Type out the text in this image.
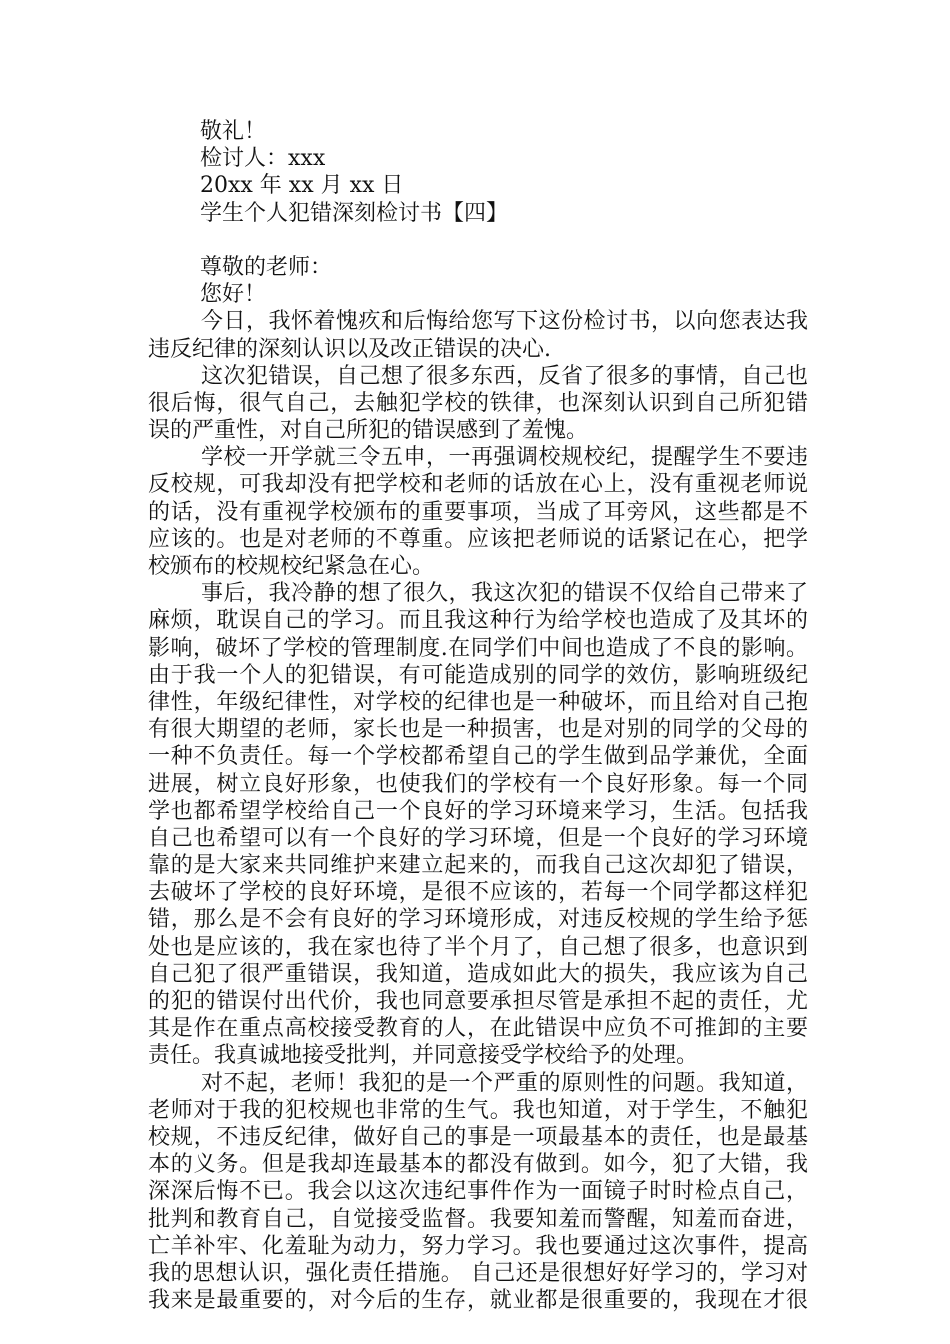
敬礼！
检讨人：xxx
20xx 年 xx 月 xx 日
学生个人犯错深刻检讨书【四】
尊敬的老师：
您好！
今日，我怀着愧疚和后悔给您写下这份检讨书，以向您表达我
违反纪律的深刻认识以及改正错误的决心.
这次犯错误，自己想了很多东西，反省了很多的事情，自己也
很后悔，很气自己，去触犯学校的铁律，也深刻认识到自己所犯错
误的严重性，对自己所犯的错误感到了羞愧。
学校一开学就三令五申，一再强调校规校纪，提醒学生不要违
反校规，可我却没有把学校和老师的话放在心上，没有重视老师说
的话，没有重视学校颁布的重要事项，当成了耳旁风，这些都是不
应该的。也是对老师的不尊重。应该把老师说的话紧记在心，把学
校颁布的校规校纪紧急在心。
事后，我冷静的想了很久，我这次犯的错误不仅给自己带来了
麻烦，耽误自己的学习。而且我这种行为给学校也造成了及其坏的
影响，破坏了学校的管理制度.在同学们中间也造成了不良的影响。
由于我一个人的犯错误，有可能造成别的同学的效仿，影响班级纪
律性，年级纪律性，对学校的纪律也是一种破坏，而且给对自己抱
有很大期望的老师，家长也是一种损害，也是对别的同学的父母的
一种不负责任。每一个学校都希望自己的学生做到品学兼优，全面
进展，树立良好形象，也使我们的学校有一个良好形象。每一个同
学也都希望学校给自己一个良好的学习环境来学习，生活。包括我
自己也希望可以有一个良好的学习环境，但是一个良好的学习环境
靠的是大家来共同维护来建立起来的，而我自己这次却犯了错误，
去破坏了学校的良好环境，是很不应该的，若每一个同学都这样犯
错，那么是不会有良好的学习环境形成，对违反校规的学生给予惩
处也是应该的，我在家也待了半个月了，自己想了很多，也意识到
自己犯了很严重错误，我知道，造成如此大的损失，我应该为自己
的犯的错误付出代价，我也同意要承担尽管是承担不起的责任，尤
其是作在重点高校接受教育的人，在此错误中应负不可推卸的主要
责任。我真诚地接受批判，并同意接受学校给予的处理。
对不起，老师！我犯的是一个严重的原则性的问题。我知道，
老师对于我的犯校规也非常的生气。我也知道，对于学生，不触犯
校规，不违反纪律，做好自己的事是一项最基本的责任，也是最基
本的义务。但是我却连最基本的都没有做到。如今，犯了大错，我
深深后悔不已。我会以这次违纪事件作为一面镜子时时检点自己，
批判和教育自己，自觉接受监督。我要知羞而警醒，知羞而奋进，
亡羊补牢、化羞耻为动力，努力学习。我也要通过这次事件，提高
我的思想认识，强化责任措施。 自己还是很想好好学习的，学习对
我来是最重要的，对今后的生存，就业都是很重要的，我现在才很
